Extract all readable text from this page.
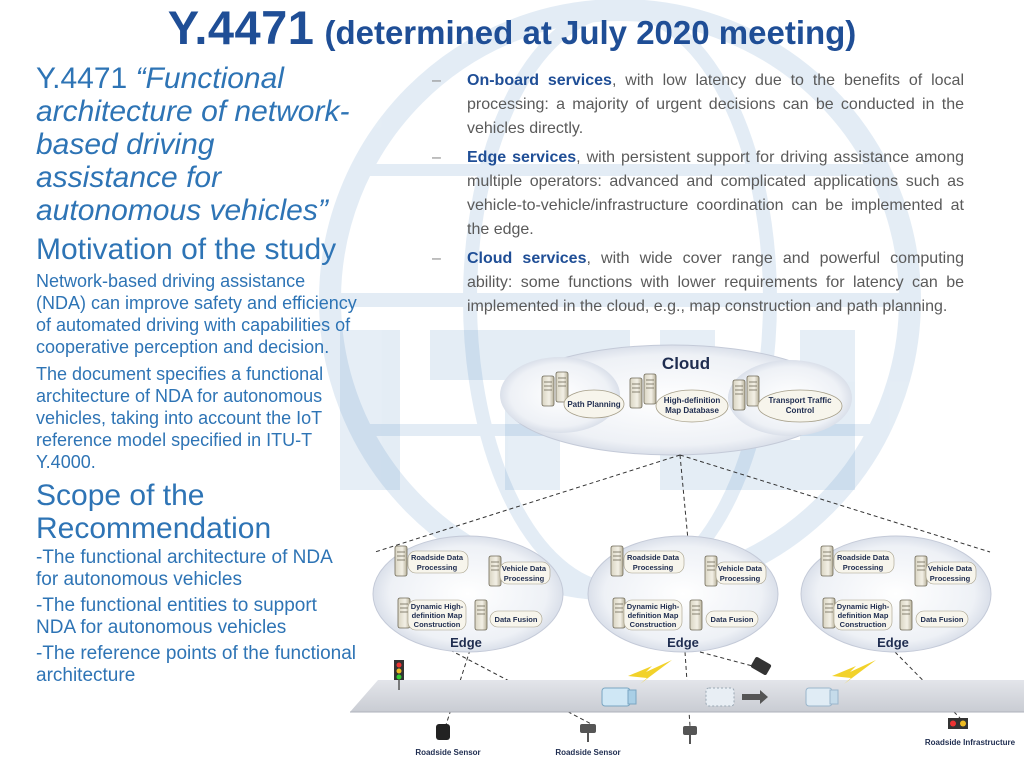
Y.4471 (determined at July 2020 meeting)
Y.4471 “Functional architecture of network-based driving assistance for autonomous vehicles”
Motivation of the study
Network-based driving assistance (NDA) can improve safety and efficiency of automated driving with capabilities of cooperative perception and decision.
The document specifies a functional architecture of NDA for autonomous vehicles, taking into account the IoT reference model specified in ITU-T Y.4000.
Scope of the Recommendation
-The functional architecture of NDA for autonomous vehicles
-The functional entities to support NDA for autonomous vehicles
-The reference points of the functional architecture
– On-board services, with low latency due to the benefits of local processing: a majority of urgent decisions can be conducted in the vehicles directly.
– Edge services, with persistent support for driving assistance among multiple operators: advanced and complicated applications such as vehicle-to-vehicle/infrastructure coordination can be implemented at the edge.
– Cloud services, with wide cover range and powerful computing ability: some functions with lower requirements for latency can be implemented in the cloud, e.g., map construction and path planning.
Cloud
Path Planning	High-definition
Map Database
Transport Traffic
Control
Roadside Data
Processing	Vehicle Data
Processing
Dynamic High-
definition Map
Construction
Data Fusion
Edge
Roadside Data
Processing	Vehicle Data
Processing
Dynamic High-
definition Map
Construction
Data Fusion
Edge
Roadside Data
Processing	Vehicle Data
Processing
Dynamic High-
definition Map
Construction
Data Fusion
Edge
Roadside Sensor	Roadside Sensor
Roadside Infrastructure
